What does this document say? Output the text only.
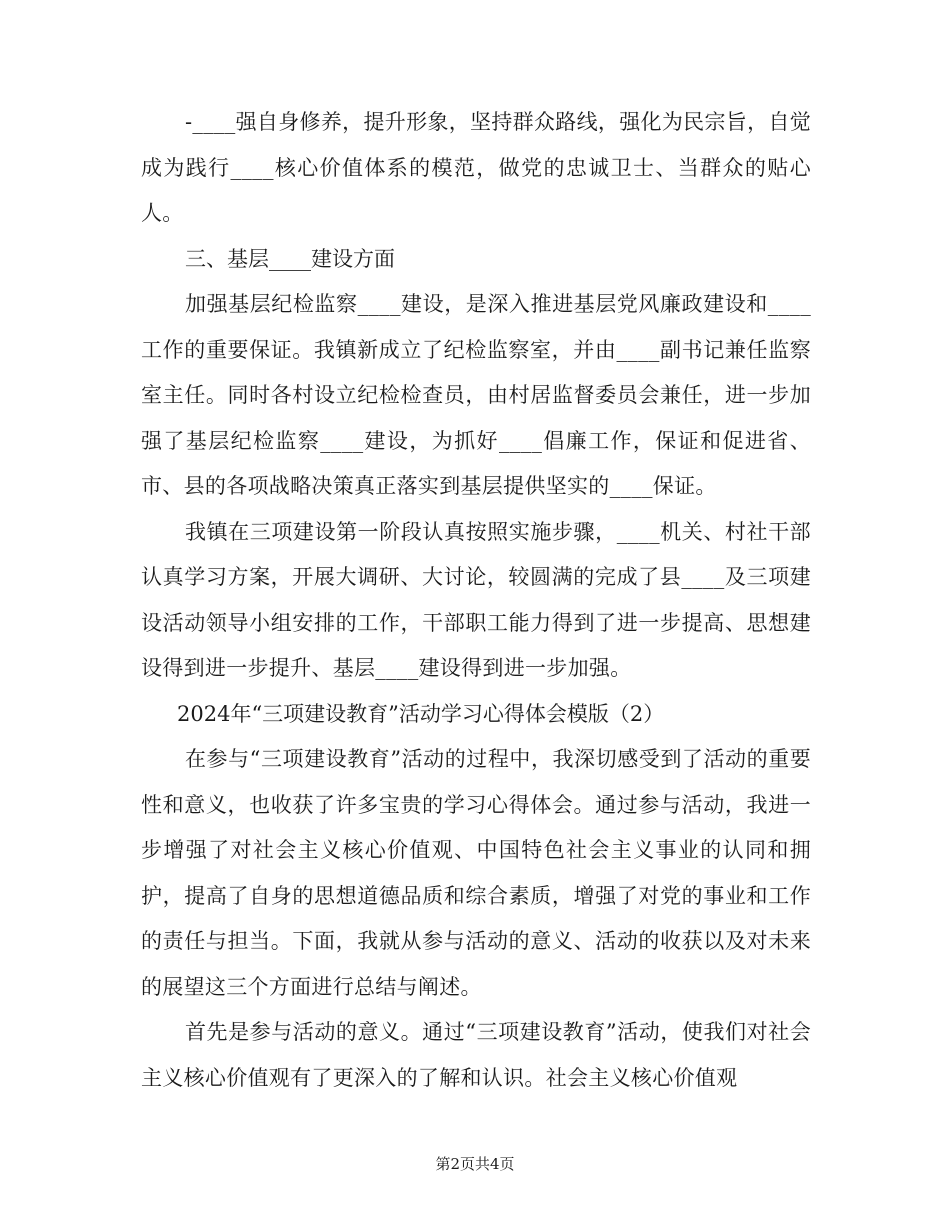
-____强自身修养，提升形象，坚持群众路线，强化为民宗旨，自觉成为践行____核心价值体系的模范，做党的忠诚卫士、当群众的贴心人。

三、基层____建设方面

加强基层纪检监察____建设，是深入推进基层党风廉政建设和____工作的重要保证。我镇新成立了纪检监察室，并由____副书记兼任监察室主任。同时各村设立纪检检查员，由村居监督委员会兼任，进一步加强了基层纪检监察____建设，为抓好____倡廉工作，保证和促进省、市、县的各项战略决策真正落实到基层提供坚实的____保证。

我镇在三项建设第一阶段认真按照实施步骤，____机关、村社干部认真学习方案，开展大调研、大讨论，较圆满的完成了县____及三项建设活动领导小组安排的工作，干部职工能力得到了进一步提高、思想建设得到进一步提升、基层____建设得到进一步加强。

2024年“三项建设教育”活动学习心得体会模版（2）

在参与“三项建设教育”活动的过程中，我深切感受到了活动的重要性和意义，也收获了许多宝贵的学习心得体会。通过参与活动，我进一步增强了对社会主义核心价值观、中国特色社会主义事业的认同和拥护，提高了自身的思想道德品质和综合素质，增强了对党的事业和工作的责任与担当。下面，我就从参与活动的意义、活动的收获以及对未来的展望这三个方面进行总结与阐述。

首先是参与活动的意义。通过“三项建设教育”活动，使我们对社会主义核心价值观有了更深入的了解和认识。社会主义核心价值观

第2页共4页
